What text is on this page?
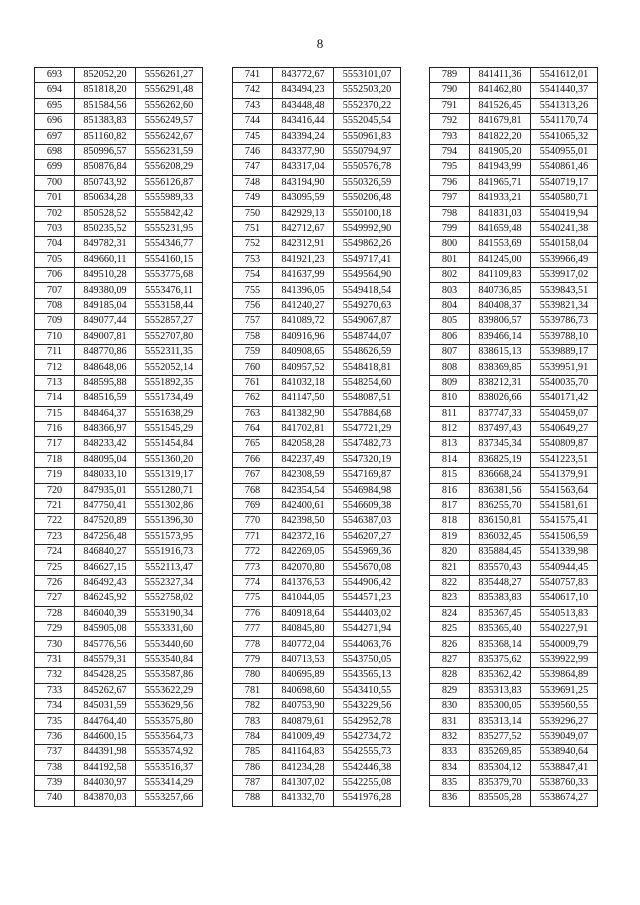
8
693	852052,20	5556261,27
694	851818,20	5556291,48
695	851584,56	5556262,60
696	851383,83	5556249,57
697	851160,82	5556242,67
698	850996,57	5556231,59
699	850876,84	5556208,29
700	850743,92	5556126,87
701	850634,28	5555989,33
702	850528,52	5555842,42
703	850235,52	5555231,95
704	849782,31	5554346,77
705	849660,11	5554160,15
706	849510,28	5553775,68
707	849380,09	5553476,11
708	849185,04	5553158,44
709	849077,44	5552857,27
710	849007,81	5552707,80
711	848770,86	5552311,35
712	848648,06	5552052,14
713	848595,88	5551892,35
714	848516,59	5551734,49
715	848464,37	5551638,29
716	848366,97	5551545,29
717	848233,42	5551454,84
718	848095,04	5551360,20
719	848033,10	5551319,17
720	847935,01	5551280,71
721	847750,41	5551302,86
722	847520,89	5551396,30
723	847256,48	5551573,95
724	846840,27	5551916,73
725	846627,15	5552113,47
726	846492,43	5552327,34
727	846245,92	5552758,02
728	846040,39	5553190,34
729	845905,08	5553331,60
730	845776,56	5553440,60
731	845579,31	5553540,84
732	845428,25	5553587,86
733	845262,67	5553622,29
734	845031,59	5553629,56
735	844764,40	5553575,80
736	844600,15	5553564,73
737	844391,98	5553574,92
738	844192,58	5553516,37
739	844030,97	5553414,29
740	843870,03	5553257,66
741	843772,67	5553101,07
742	843494,23	5552503,20
743	843448,48	5552370,22
744	843416,44	5552045,54
745	843394,24	5550961,83
746	843377,90	5550794,97
747	843317,04	5550576,78
748	843194,90	5550326,59
749	843095,59	5550206,48
750	842929,13	5550100,18
751	842712,67	5549992,90
752	842312,91	5549862,26
753	841921,23	5549717,41
754	841637,99	5549564,90
755	841396,05	5549418,54
756	841240,27	5549270,63
757	841089,72	5549067,87
758	840916,96	5548744,07
759	840908,65	5548626,59
760	840957,52	5548418,81
761	841032,18	5548254,60
762	841147,50	5548087,51
763	841382,90	5547884,68
764	841702,81	5547721,29
765	842058,28	5547482,73
766	842237,49	5547320,19
767	842308,59	5547169,87
768	842354,54	5546984,98
769	842400,61	5546609,38
770	842398,50	5546387,03
771	842372,16	5546207,27
772	842269,05	5545969,36
773	842070,80	5545670,08
774	841376,53	5544906,42
775	841044,05	5544571,23
776	840918,64	5544403,02
777	840845,80	5544271,94
778	840772,04	5544063,76
779	840713,53	5543750,05
780	840695,89	5543565,13
781	840698,60	5543410,55
782	840753,90	5543229,56
783	840879,61	5542952,78
784	841009,49	5542734,72
785	841164,83	5542555,73
786	841234,28	5542446,38
787	841307,02	5542255,08
788	841332,70	5541976,28
789	841411,36	5541612,01
790	841462,80	5541440,37
791	841526,45	5541313,26
792	841679,81	5541170,74
793	841822,20	5541065,32
794	841905,20	5540955,01
795	841943,99	5540861,46
796	841965,71	5540719,17
797	841933,21	5540580,71
798	841831,03	5540419,94
799	841659,48	5540241,38
800	841553,69	5540158,04
801	841245,00	5539966,49
802	841109,83	5539917,02
803	840736,85	5539843,51
804	840408,37	5539821,34
805	839806,57	5539786,73
806	839466,14	5539788,10
807	838615,13	5539889,17
808	838369,85	5539951,91
809	838212,31	5540035,70
810	838026,66	5540171,42
811	837747,33	5540459,07
812	837497,43	5540649,27
813	837345,34	5540809,87
814	836825,19	5541223,51
815	836668,24	5541379,91
816	836381,56	5541563,64
817	836255,70	5541581,61
818	836150,81	5541575,41
819	836032,45	5541506,59
820	835884,45	5541339,98
821	835570,43	5540944,45
822	835448,27	5540757,83
823	835383,83	5540617,10
824	835367,45	5540513,83
825	835365,40	5540227,91
826	835368,14	5540009,79
827	835375,62	5539922,99
828	835362,42	5539864,89
829	835313,83	5539691,25
830	835300,05	5539560,55
831	835313,14	5539296,27
832	835277,52	5539049,07
833	835269,85	5538940,64
834	835304,12	5538847,41
835	835379,70	5538760,33
836	835505,28	5538674,27
